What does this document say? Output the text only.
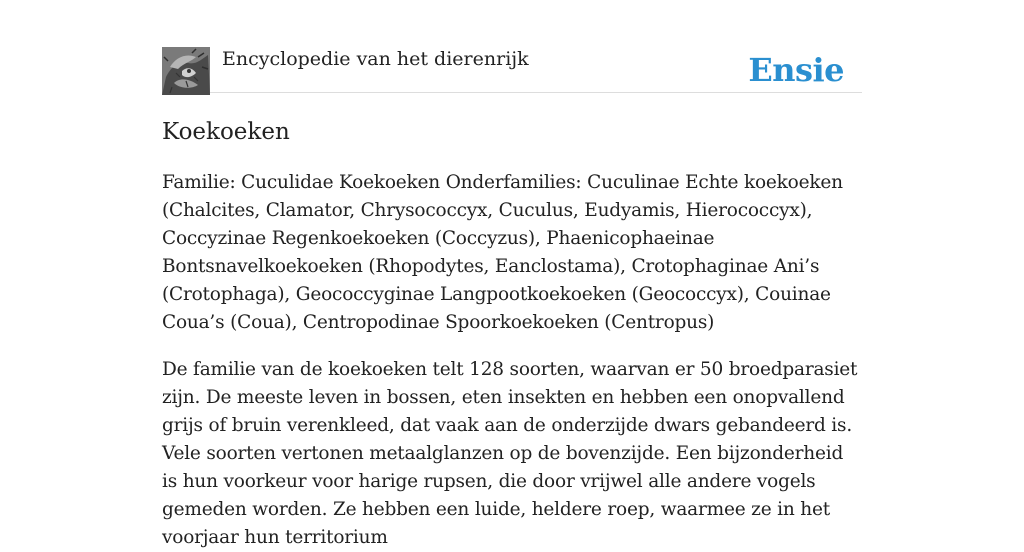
Encyclopedie van het dierenrijk	Ensie
Koekoeken

Familie: Cuculidae Koekoeken Onderfamilies: Cuculinae Echte koekoeken (Chalcites, Clamator, Chrysococcyx, Cuculus, Eudyamis, Hierococcyx), Coccyzinae Regenkoekoeken (Coccyzus), Phaenicophaeinae Bontsnavelkoekoeken (Rhopodytes, Eanclostama), Crotophaginae Ani’s (Crotophaga), Geococcyginae Langpootkoekoeken (Geococcyx), Couinae Coua’s (Coua), Centropodinae Spoorkoekoeken (Centropus)

De familie van de koekoeken telt 128 soorten, waarvan er 50 broedparasiet zijn. De meeste leven in bossen, eten insekten en hebben een onopvallend grijs of bruin verenkleed, dat vaak aan de onderzijde dwars gebandeerd is. Vele soorten vertonen metaalglanzen op de bovenzijde. Een bijzonderheid is hun voorkeur voor harige rupsen, die door vrijwel alle andere vogels gemeden worden. Ze hebben een luide, heldere roep, waarmee ze in het voorjaar hun territorium
